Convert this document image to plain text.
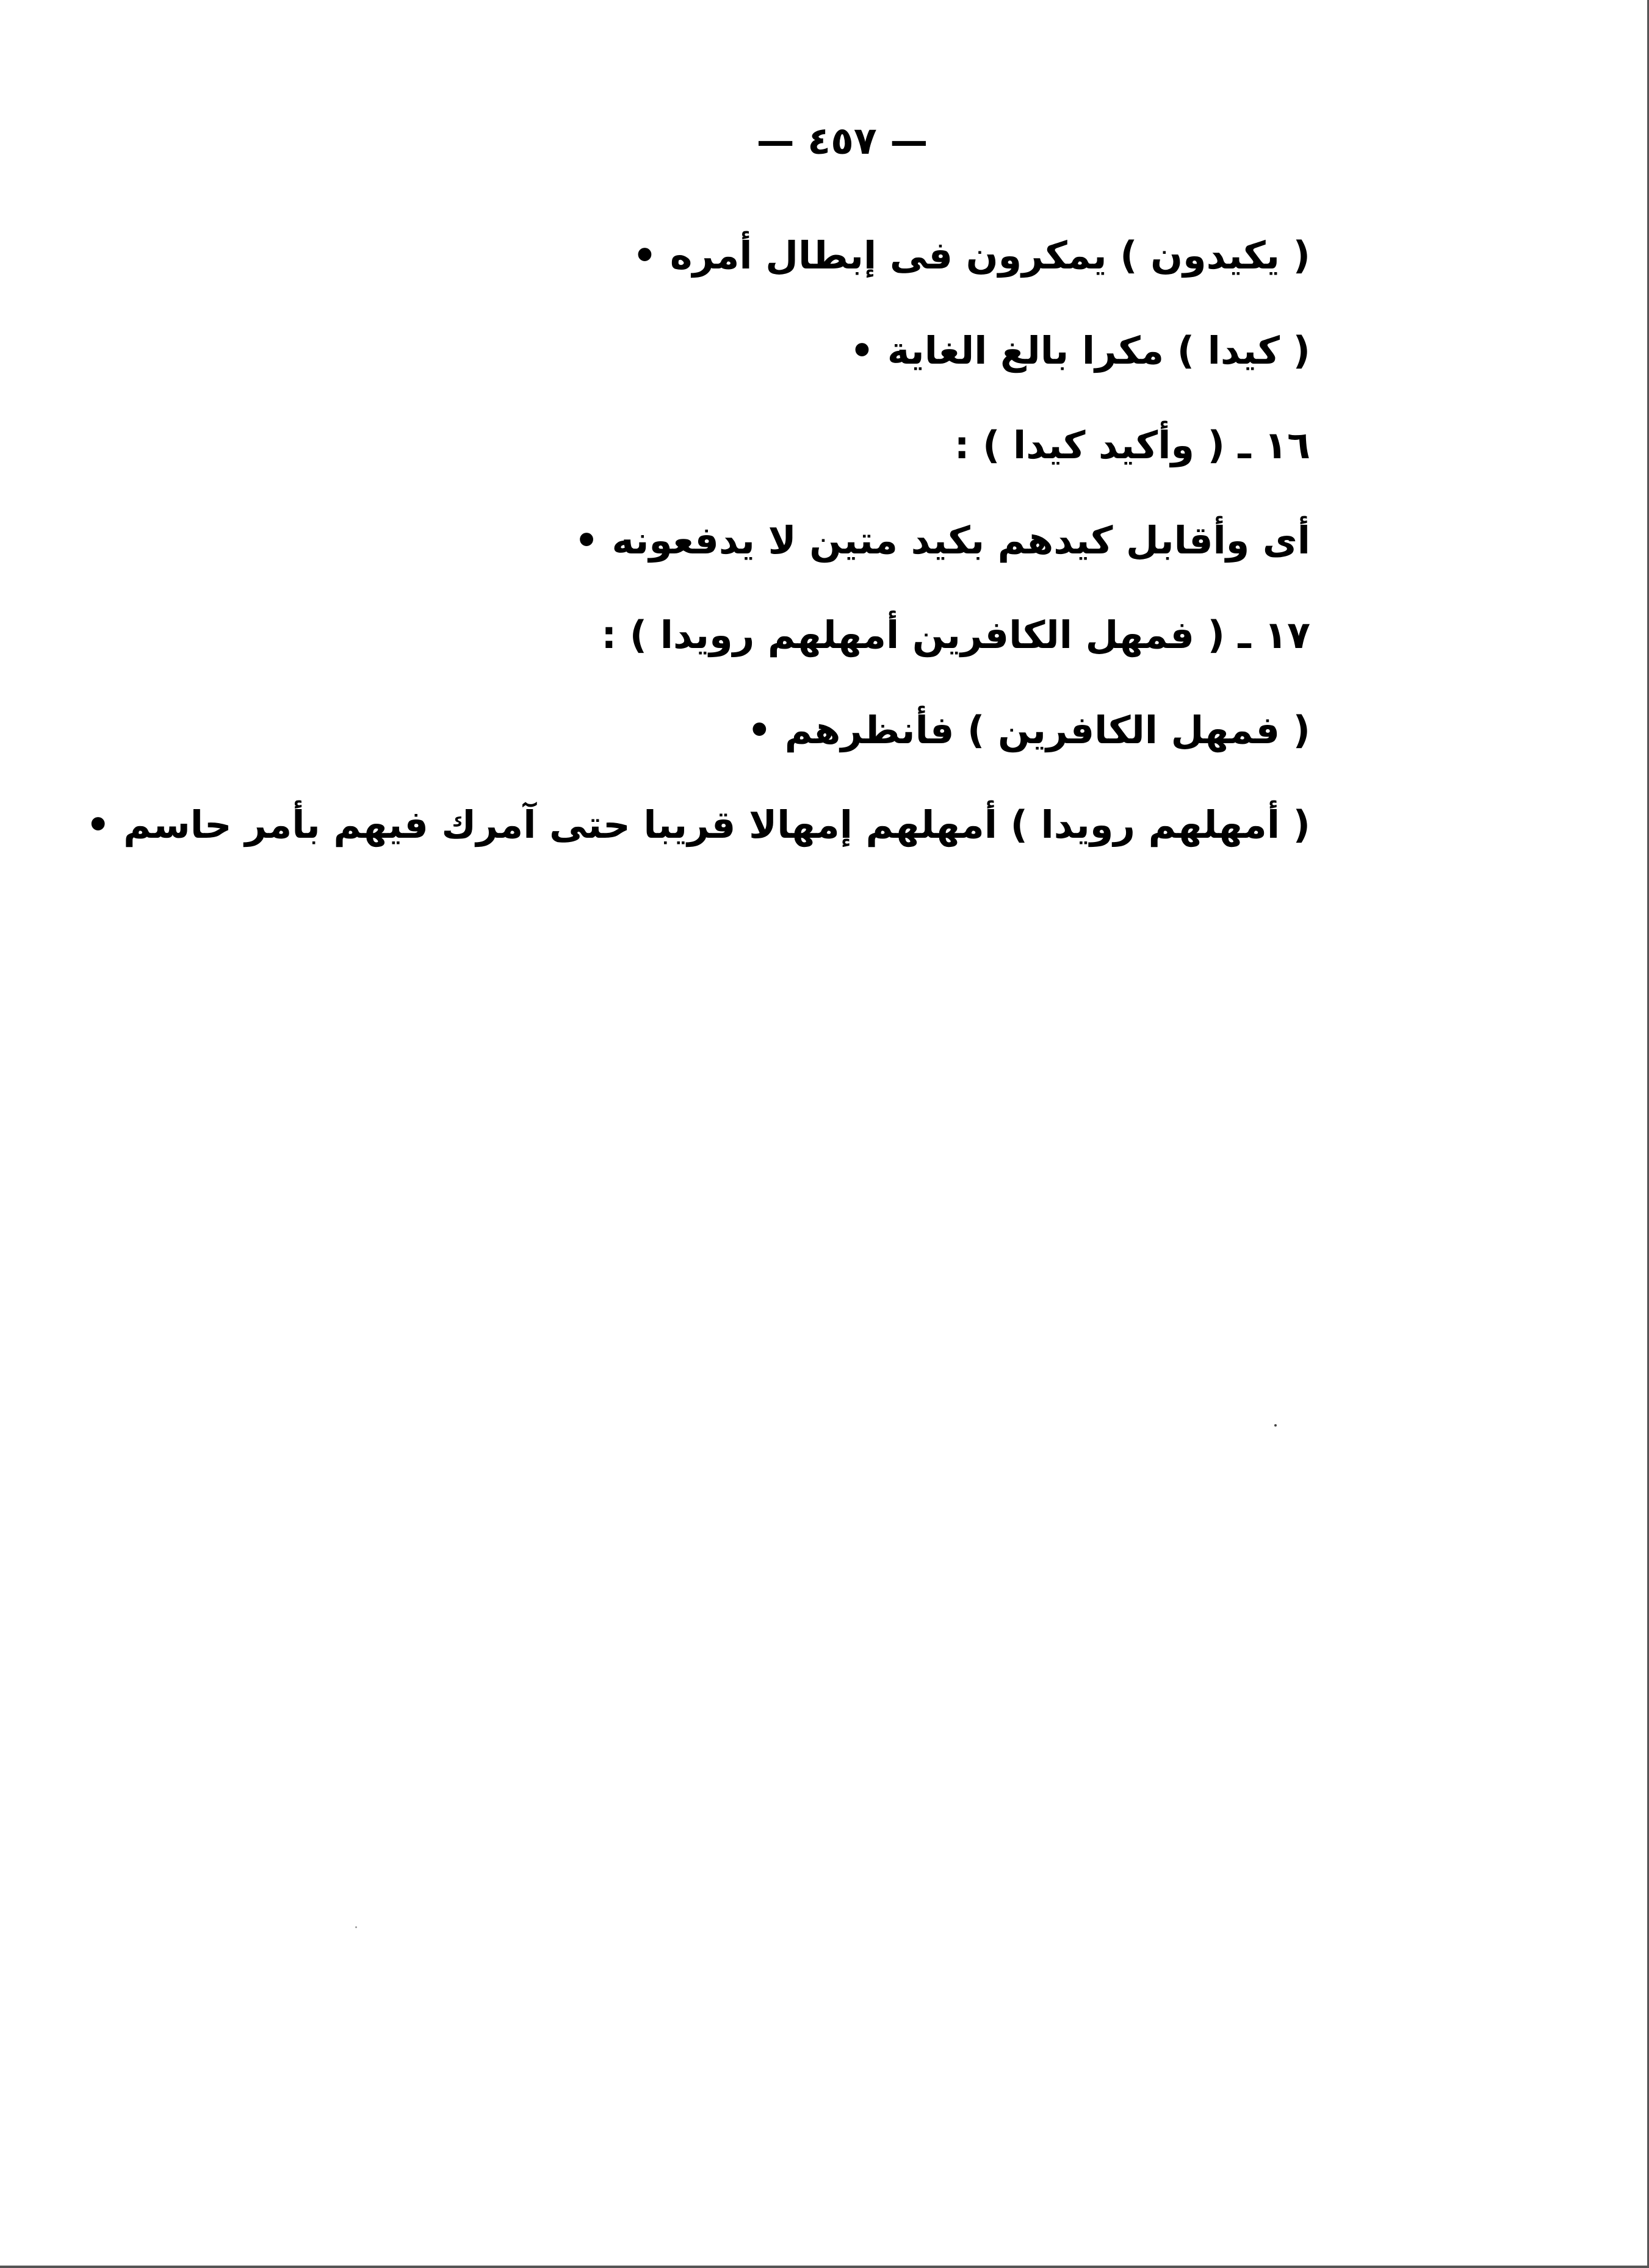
— ٤٥٧ —
( يكيدون ) يمكرون فى إبطال أمره •
( كيدا ) مكرا بالغ الغاية •
١٦ ـ ( وأكيد كيدا ) :
أى وأقابل كيدهم بكيد متين لا يدفعونه •
١٧ ـ ( فمهل الكافرين أمهلهم رويدا ) :
( فمهل الكافرين ) فأنظرهم •
( أمهلهم رويدا ) أمهلهم إمهالا قريبا حتى آمرك فيهم بأمر حاسم •
